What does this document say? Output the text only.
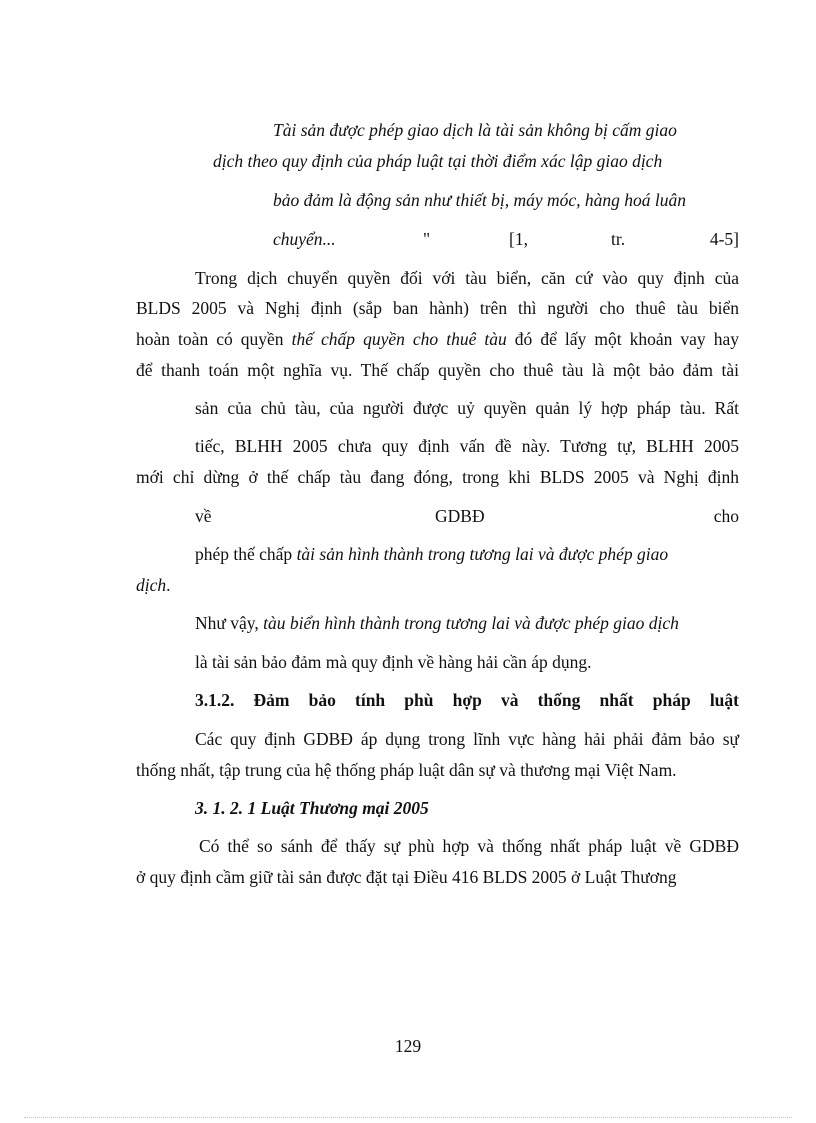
Tài sản được phép giao dịch là tài sản không bị cấm giao
dịch theo quy định của pháp luật tại thời điểm xác lập giao dịch
bảo đảm là động sản như thiết bị, máy móc, hàng hoá luân
chuyển...	"	[1,	tr.	4-5]
Trong dịch chuyển quyền đối với tàu biển, căn cứ vào quy định của
BLDS 2005 và Nghị định (sắp ban hành) trên thì người cho thuê tàu biển
hoàn toàn có quyền thế chấp quyền cho thuê tàu đó để lấy một khoản vay hay
để thanh toán một nghĩa vụ. Thế chấp quyền cho thuê tàu là một bảo đảm tài
sản của chủ tàu, của người được uỷ quyền quản lý hợp pháp tàu. Rất
tiếc, BLHH 2005 chưa quy định vấn đề này. Tương tự, BLHH 2005
mới chỉ dừng ở thế chấp tàu đang đóng, trong khi BLDS 2005 và Nghị định
về	GDBĐ	cho
phép thế chấp tài sản hình thành trong tương lai và được phép giao
dịch.
Như vậy, tàu biển hình thành trong tương lai và được phép giao dịch
là tài sản bảo đảm mà quy định về hàng hải cần áp dụng.
3.1.2. Đảm bảo tính phù hợp và thống nhất pháp luật
Các quy định GDBĐ áp dụng trong lĩnh vực hàng hải phải đảm bảo sự
thống nhất, tập trung của hệ thống pháp luật dân sự và thương mại Việt Nam.
3. 1. 2. 1 Luật Thương mại 2005
Có thể so sánh để thấy sự phù hợp và thống nhất pháp luật về GDBĐ
ở quy định cầm giữ tài sản được đặt tại Điều 416 BLDS 2005 ở Luật Thương
129
